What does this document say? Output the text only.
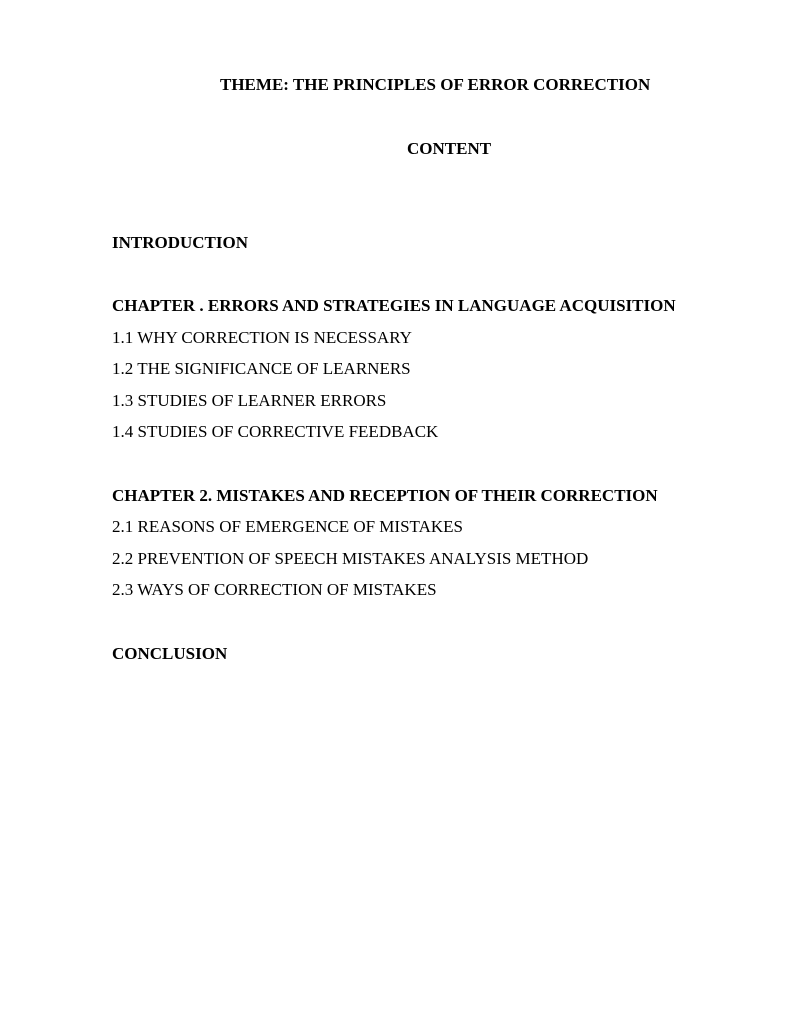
THEME: THE PRINCIPLES OF ERROR CORRECTION
CONTENT
INTRODUCTION
CHAPTER . ERRORS AND STRATEGIES IN LANGUAGE ACQUISITION
1.1 WHY CORRECTION IS NECESSARY
1.2 THE SIGNIFICANCE OF LEARNERS
1.3 STUDIES OF LEARNER ERRORS
1.4 STUDIES OF CORRECTIVE FEEDBACK
CHAPTER 2. MISTAKES AND RECEPTION OF THEIR CORRECTION
2.1 REASONS OF EMERGENCE OF MISTAKES
2.2 PREVENTION OF SPEECH MISTAKES ANALYSIS METHOD
2.3 WAYS OF CORRECTION OF MISTAKES
CONCLUSION
